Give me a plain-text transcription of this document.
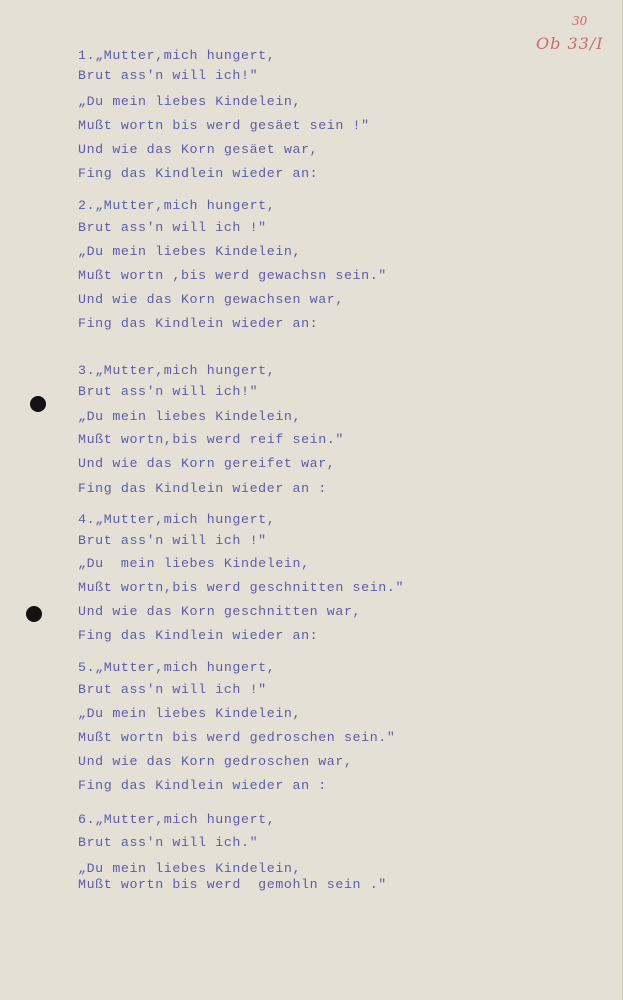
30
Ob 33/I
1.„Mutter,mich hungert,
Brut ass'n will ich!"
„Du mein liebes Kindelein,
Mußt wortn bis werd gesäet sein !"
Und wie das Korn gesäet war,
Fing das Kindlein wieder an:
2.„Mutter,mich hungert,
Brut ass'n will ich !"
„Du mein liebes Kindelein,
Mußt wortn ,bis werd gewachsn sein."
Und wie das Korn gewachsen war,
Fing das Kindlein wieder an:
3.„Mutter,mich hungert,
Brut ass'n will ich!"
„Du mein liebes Kindelein,
Mußt wortn,bis werd reif sein."
Und wie das Korn gereifet war,
Fing das Kindlein wieder an :
4.„Mutter,mich hungert,
Brut ass'n will ich !"
„Du  mein liebes Kindelein,
Mußt wortn,bis werd geschnitten sein."
Und wie das Korn geschnitten war,
Fing das Kindlein wieder an:
5.„Mutter,mich hungert,
Brut ass'n will ich !"
„Du mein liebes Kindelein,
Mußt wortn bis werd gedroschen sein."
Und wie das Korn gedroschen war,
Fing das Kindlein wieder an :
6.„Mutter,mich hungert,
Brut ass'n will ich."
„Du mein liebes Kindelein,
Mußt wortn bis werd  gemohln sein ."
